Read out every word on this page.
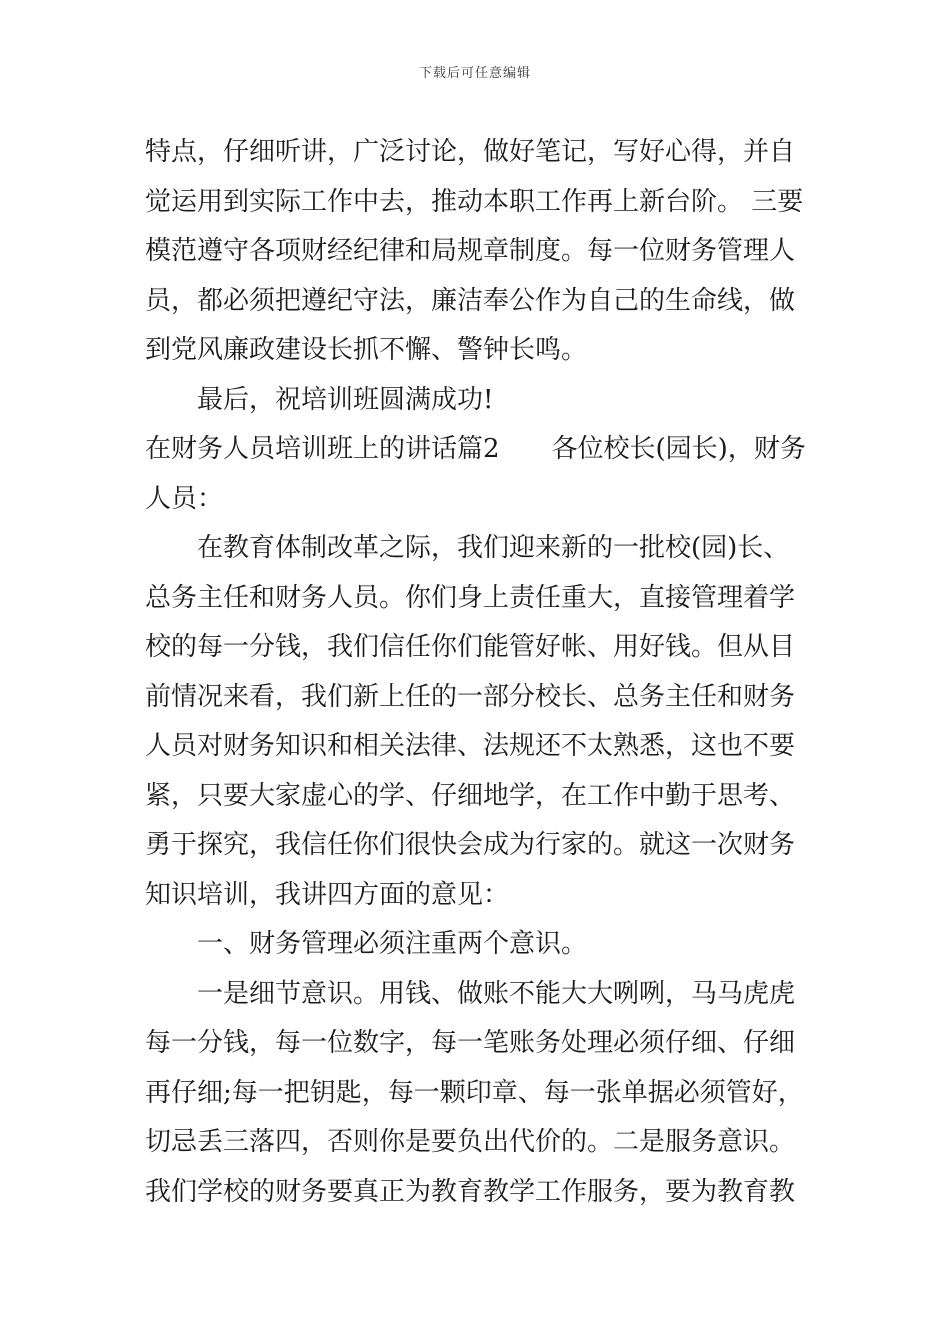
下载后可任意编辑
特点，仔细听讲，广泛讨论，做好笔记，写好心得，并自
觉运用到实际工作中去，推动本职工作再上新台阶。 三要
模范遵守各项财经纪律和局规章制度。每一位财务管理人
员，都必须把遵纪守法，廉洁奉公作为自己的生命线，做
到党风廉政建设长抓不懈、警钟长鸣。
最后，祝培训班圆满成功!
在财务人员培训班上的讲话篇2　　各位校长(园长)，财务
人员：
在教育体制改革之际，我们迎来新的一批校(园)长、
总务主任和财务人员。你们身上责任重大，直接管理着学
校的每一分钱，我们信任你们能管好帐、用好钱。但从目
前情况来看，我们新上任的一部分校长、总务主任和财务
人员对财务知识和相关法律、法规还不太熟悉，这也不要
紧，只要大家虚心的学、仔细地学，在工作中勤于思考、
勇于探究，我信任你们很快会成为行家的。就这一次财务
知识培训，我讲四方面的意见：
一、财务管理必须注重两个意识。
一是细节意识。用钱、做账不能大大咧咧，马马虎虎
每一分钱，每一位数字，每一笔账务处理必须仔细、仔细
再仔细;每一把钥匙，每一颗印章、每一张单据必须管好，
切忌丢三落四，否则你是要负出代价的。二是服务意识。
我们学校的财务要真正为教育教学工作服务，要为教育教
